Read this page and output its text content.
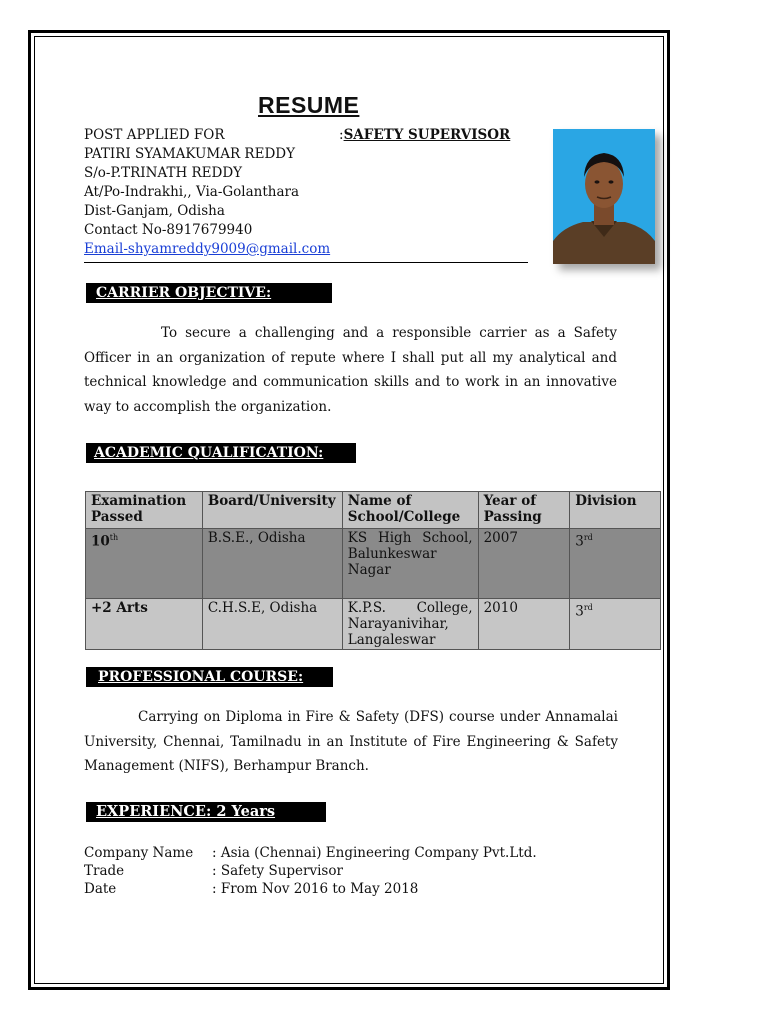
RESUME
POST APPLIED FOR	:SAFETY SUPERVISOR
PATIRI SYAMAKUMAR REDDY
S/o-P.TRINATH REDDY
At/Po-Indrakhi,, Via-Golanthara
Dist-Ganjam, Odisha
Contact No-8917679940
Email-shyamreddy9009@gmail.com
CARRIER OBJECTIVE:
To secure a challenging and a responsible carrier as a Safety Officer in an organization of repute where I shall put all my analytical and technical knowledge and communication skills and to work in an innovative way to accomplish the organization.
ACADEMIC QUALIFICATION:
Examination Passed	Board/University	Name of School/College	Year of Passing	Division
10th	B.S.E., Odisha	KS High School, Balunkeswar Nagar	2007	3rd
+2 Arts	C.H.S.E, Odisha	K.P.S. College, Narayanivihar, Langaleswar	2010	3rd
PROFESSIONAL COURSE:
Carrying on Diploma in Fire & Safety (DFS) course under Annamalai University, Chennai, Tamilnadu in an Institute of Fire Engineering & Safety Management (NIFS), Berhampur Branch.
EXPERIENCE: 2 Years
Company Name : Asia (Chennai) Engineering Company Pvt.Ltd.
Trade	: Safety Supervisor
Date	: From Nov 2016 to May 2018
